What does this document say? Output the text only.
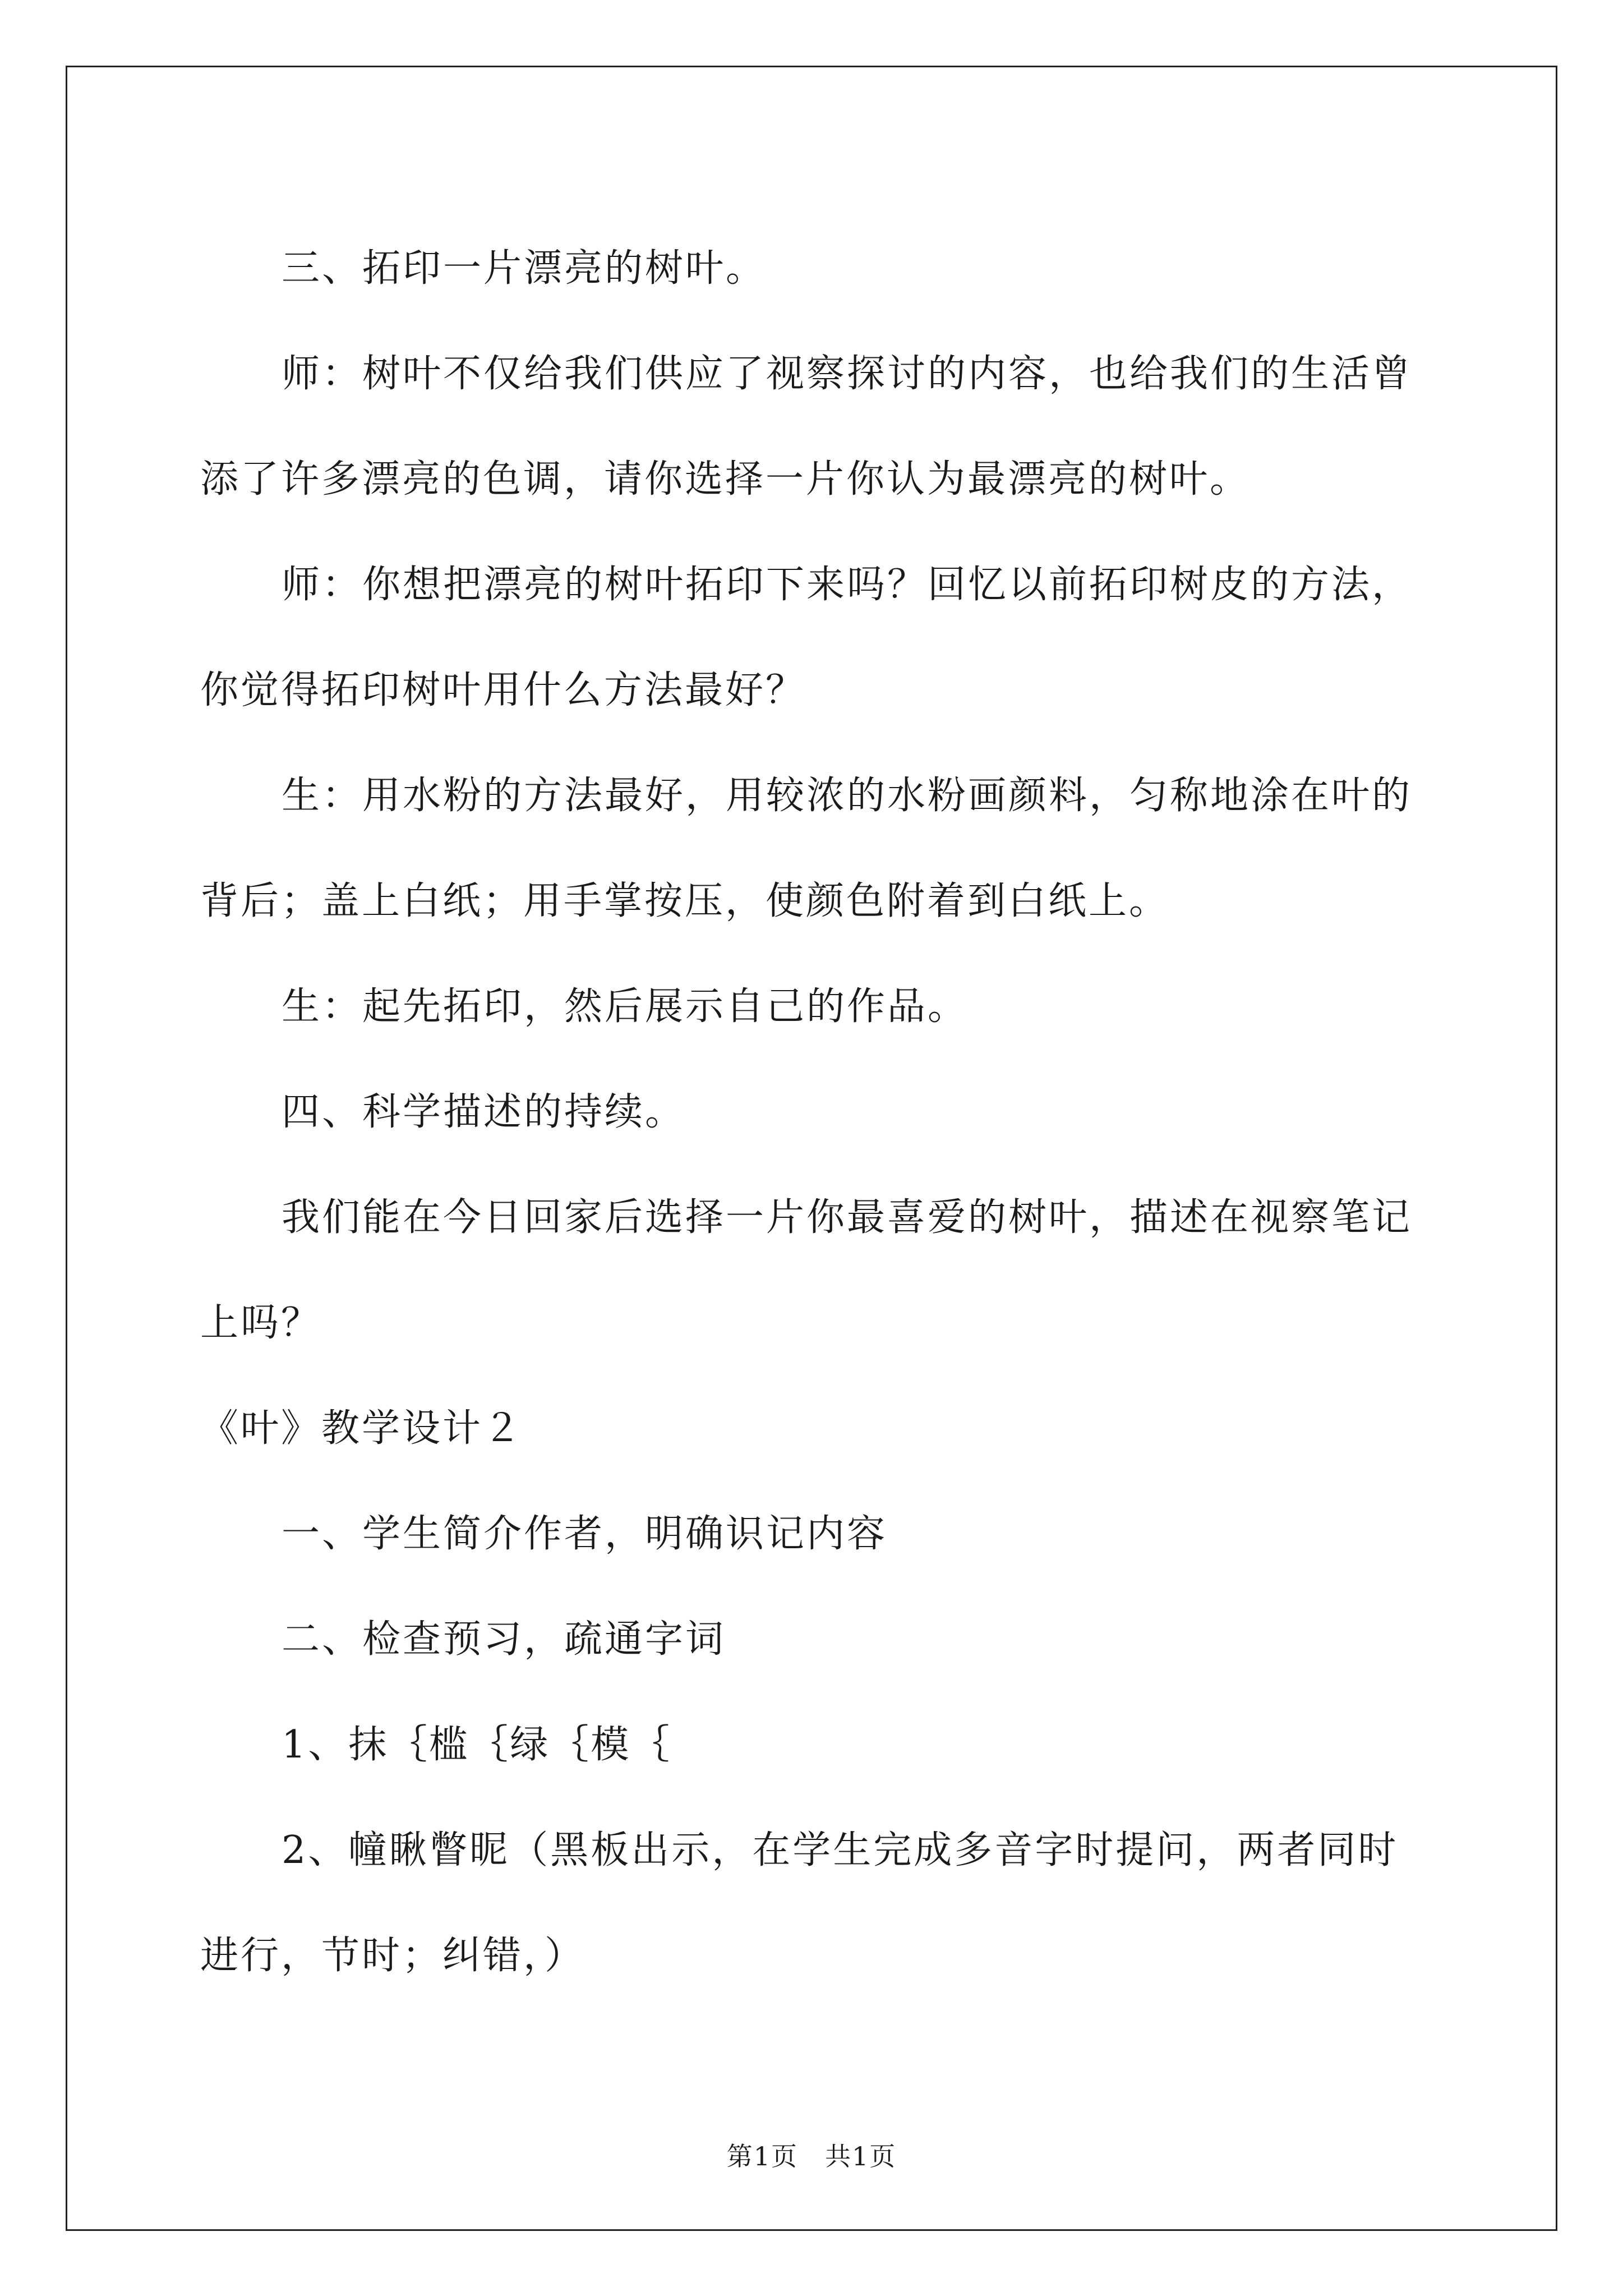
三、拓印一片漂亮的树叶。

师：树叶不仅给我们供应了视察探讨的内容，也给我们的生活曾添了许多漂亮的色调，请你选择一片你认为最漂亮的树叶。

师：你想把漂亮的树叶拓印下来吗？回忆以前拓印树皮的方法，你觉得拓印树叶用什么方法最好？

生：用水粉的方法最好，用较浓的水粉画颜料，匀称地涂在叶的背后；盖上白纸；用手掌按压，使颜色附着到白纸上。

生：起先拓印，然后展示自己的作品。

四、科学描述的持续。

我们能在今日回家后选择一片你最喜爱的树叶，描述在视察笔记上吗？

《叶》教学设计２

一、学生简介作者，明确识记内容

二、检查预习，疏通字词

1、抹｛槛｛绿｛模｛

2、幢瞅瞥昵（黑板出示，在学生完成多音字时提问，两者同时进行，节时；纠错，）

第1页　共1页
